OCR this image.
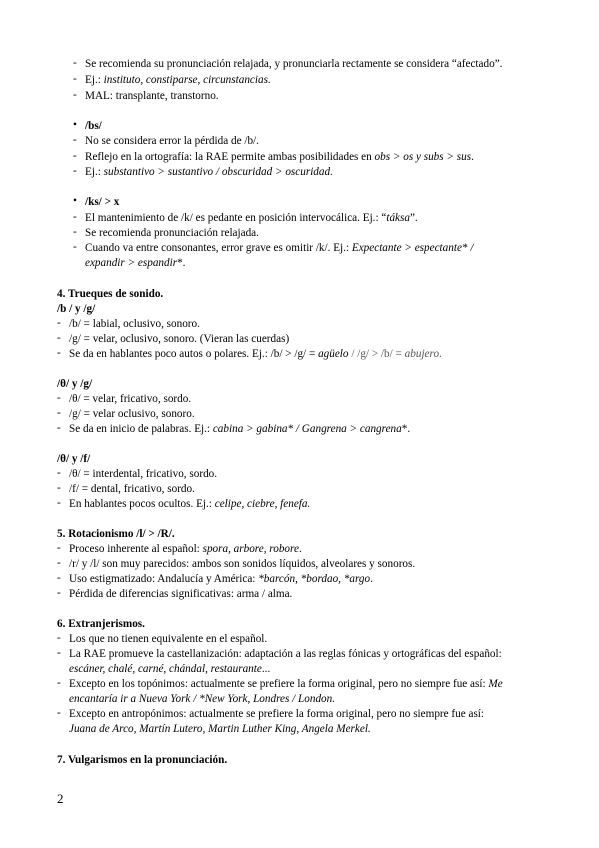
- Se recomienda su pronunciación relajada, y pronunciarla rectamente se considera “afectado”.
- Ej.: instituto, constiparse, circunstancias.
- MAL: transplante, transtorno.
• /bs/
- No se considera error la pérdida de /b/.
- Reflejo en la ortografía: la RAE permite ambas posibilidades en obs > os y subs > sus.
- Ej.: substantivo > sustantivo / obscuridad > oscuridad.
• /ks/ > x
- El mantenimiento de /k/ es pedante en posición intervocálica. Ej.: “táksa”.
- Se recomienda pronunciación relajada.
- Cuando va entre consonantes, error grave es omitir /k/. Ej.: Expectante > espectante* /
expandir > espandir*.
4. Trueques de sonido.
/b / y /g/
- /b/ = labial, oclusivo, sonoro.
- /g/ = velar, oclusivo, sonoro. (Vieran las cuerdas)
- Se da en hablantes poco autos o polares. Ej.: /b/ > /g/ = agüelo / /g/ > /b/ = abujero.
/θ/ y /g/
- /θ/ = velar, fricativo, sordo.
- /g/ = velar oclusivo, sonoro.
- Se da en inicio de palabras. Ej.: cabina > gabina* / Gangrena > cangrena*.
/θ/ y /f/
- /θ/ = interdental, fricativo, sordo.
- /f/ = dental, fricativo, sordo.
- En hablantes pocos ocultos. Ej.: celipe, ciebre, fenefa.
5. Rotacionismo /l/ > /R/.
- Proceso inherente al español: spora, arbore, robore.
- /r/ y /l/ son muy parecidos: ambos son sonidos líquidos, alveolares y sonoros.
- Uso estigmatizado: Andalucía y América: *barcón, *bordao, *argo.
- Pérdida de diferencias significativas: arma / alma.
6. Extranjerismos.
- Los que no tienen equivalente en el español.
- La RAE promueve la castellanización: adaptación a las reglas fónicas y ortográficas del español:
escáner, chalé, carné, chándal, restaurante...
- Excepto en los topónimos: actualmente se prefiere la forma original, pero no siempre fue así: Me
encantaría ir a Nueva York / *New York, Londres / London.
- Excepto en antropónimos: actualmente se prefiere la forma original, pero no siempre fue así:
Juana de Arco, Martín Lutero, Martin Luther King, Angela Merkel.
7. Vulgarismos en la pronunciación.
2
